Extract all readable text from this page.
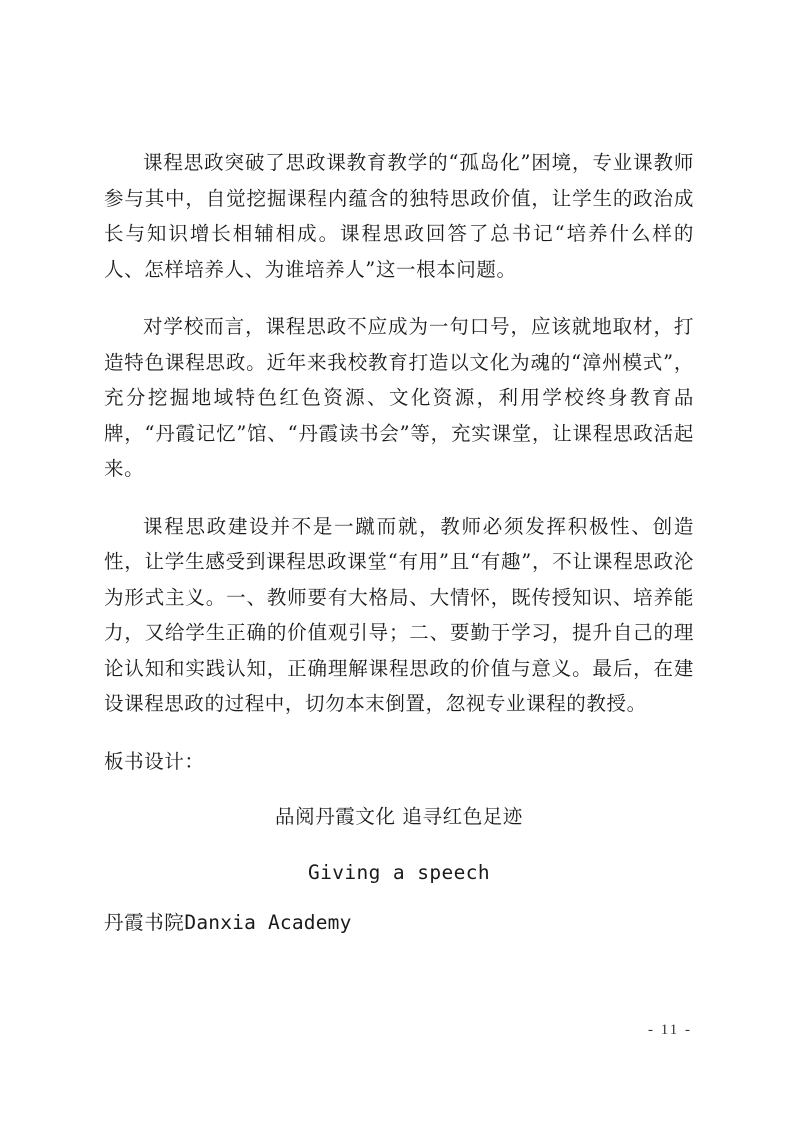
课程思政突破了思政课教育教学的“孤岛化”困境，专业课教师参与其中，自觉挖掘课程内蕴含的独特思政价值，让学生的政治成长与知识增长相辅相成。课程思政回答了总书记“培养什么样的人、怎样培养人、为谁培养人”这一根本问题。

对学校而言，课程思政不应成为一句口号，应该就地取材，打造特色课程思政。近年来我校教育打造以文化为魂的“漳州模式”，充分挖掘地域特色红色资源、文化资源，利用学校终身教育品牌，“丹霞记忆”馆、“丹霞读书会”等，充实课堂，让课程思政活起来。

课程思政建设并不是一蹴而就，教师必须发挥积极性、创造性，让学生感受到课程思政课堂“有用”且“有趣”，不让课程思政沦为形式主义。一、教师要有大格局、大情怀，既传授知识、培养能力，又给学生正确的价值观引导；二、要勤于学习，提升自己的理论认知和实践认知，正确理解课程思政的价值与意义。最后，在建设课程思政的过程中，切勿本末倒置，忽视专业课程的教授。

板书设计：

品阅丹霞文化 追寻红色足迹

Giving a speech

丹霞书院Danxia Academy

- 11 -
